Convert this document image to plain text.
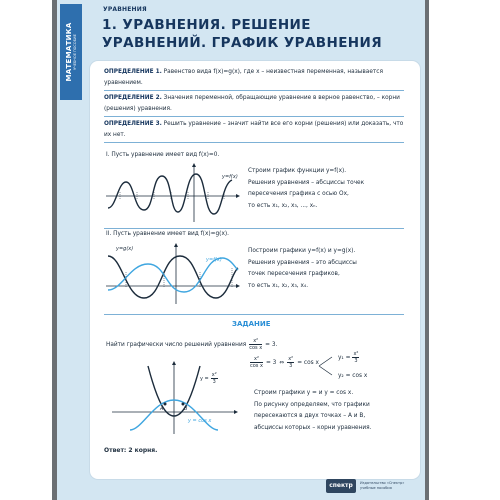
МАТЕМАТИКА УЧЕБНОЕ ПОСОБИЕ
УРАВНЕНИЯ
1. УРАВНЕНИЯ. РЕШЕНИЕ УРАВНЕНИЙ. ГРАФИК УРАВНЕНИЯ
ОПРЕДЕЛЕНИЕ 1. Равенство вида f(x)=g(x), где x – неизвестная переменная, называется уравнением.
ОПРЕДЕЛЕНИЕ 2. Значения переменной, обращающие уравнение в верное равенство, – корни (решения) уравнения.
ОПРЕДЕЛЕНИЕ 3. Решить уравнение – значит найти все его корни (решения) или доказать, что их нет.
I. Пусть уравнение имеет вид f(x)=0.
y=f(x)
Строим график функции y=f(x).
Решения уравнения – абсциссы точек
пересечения графика с осью Ox,
то есть x₁, x₂, x₃, ..., xₙ.
II. Пусть уравнение имеет вид f(x)=g(x).
y=g(x)
y=f(x)
Построим графики y=f(x) и y=g(x).
Решения уравнения – это абсциссы
точек пересечения графиков,
то есть x₁, x₂, x₃, x₄.
ЗАДАНИЕ
Найти графически число решений уравнения $\frac{\text{x²}}{\text{cos x}} = 3$.
$\frac{\text{x²}}{\text{cos x}} = 3$ ⇔ $\frac{\text{x²}}{3} = \cos x$
$y_1 = \frac{\text{x²}}{3}$
y₂ = cos x
A	B
$y = \frac{\text{x²}}{3}$
y = cos x
Строим графики y = и y = cos x.
По рисунку определяем, что графики
пересекаются в двух точках – A и B,
абсциссы которых – корни уравнения.
Ответ: 2 корня.
спектр	Издательство «Спектр» учебные пособия
